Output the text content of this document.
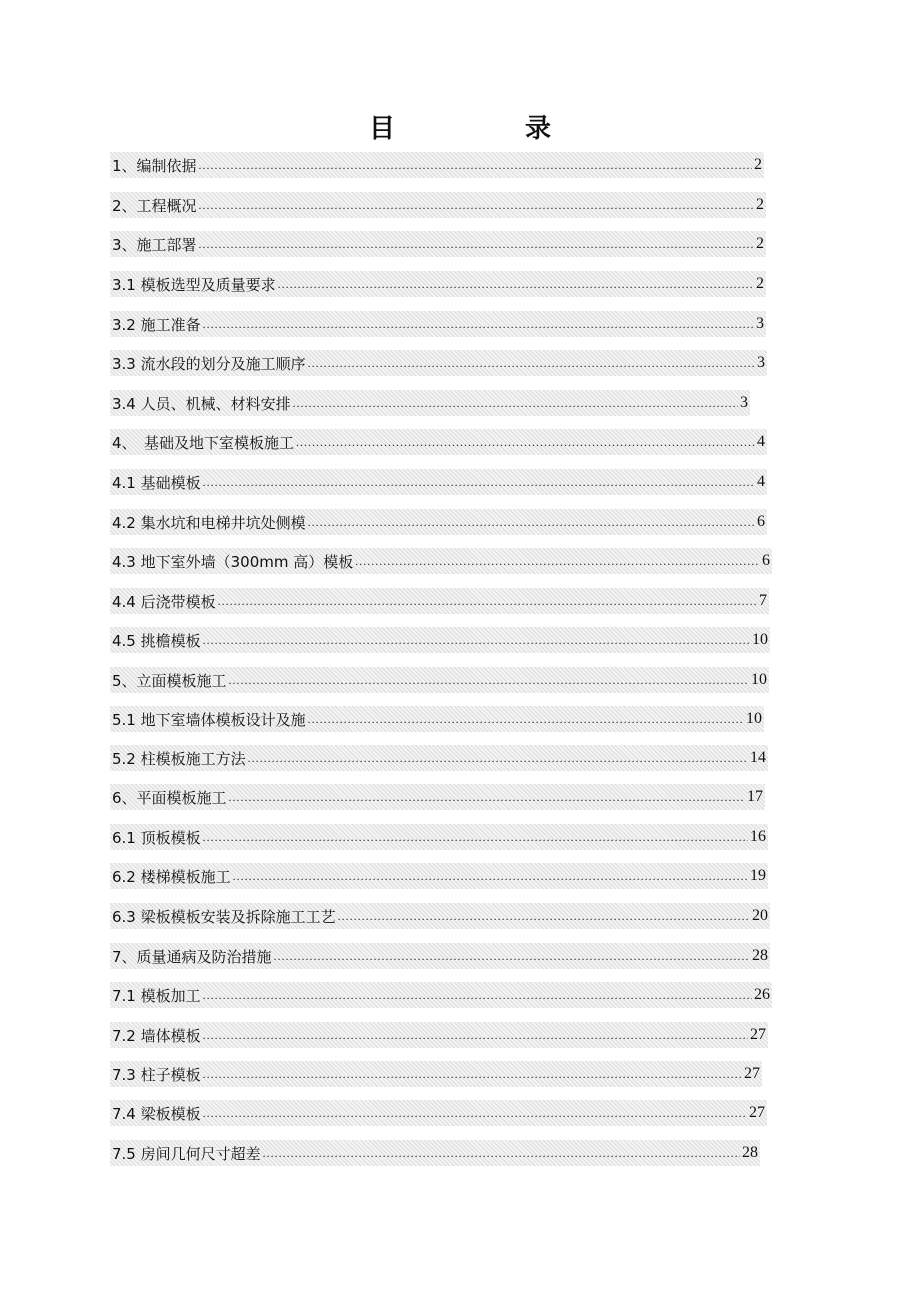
目　录
1、编制依据 .....	2
2、工程概况 .....	2
3、施工部署 .....	2
3.1 模板选型及质量要求 .....	2
3.2 施工准备 .....	3
3.3 流水段的划分及施工顺序 .....	3
3.4 人员、机械、材料安排 .....	3
4、　基础及地下室模板施工 .....	4
4.1 基础模板 .....	4
4.2 集水坑和电梯井坑处侧模 .....	6
4.3 地下室外墙（300mm 高）模板 .....	6
4.4 后浇带模板 .....	7
4.5 挑檐模板 .....	10
5、立面模板施工 .....	10
5.1 地下室墙体模板设计及施 .....	10
5.2 柱模板施工方法 .....	14
6、平面模板施工 .....	17
6.1 顶板模板 .....	16
6.2 楼梯模板施工 .....	19
6.3 梁板模板安装及拆除施工工艺 .....	20
7、质量通病及防治措施 .....	28
7.1 模板加工 .....	26
7.2 墙体模板 .....	27
7.3 柱子模板 .....	27
7.4 梁板模板 .....	27
7.5 房间几何尺寸超差 .....	28
